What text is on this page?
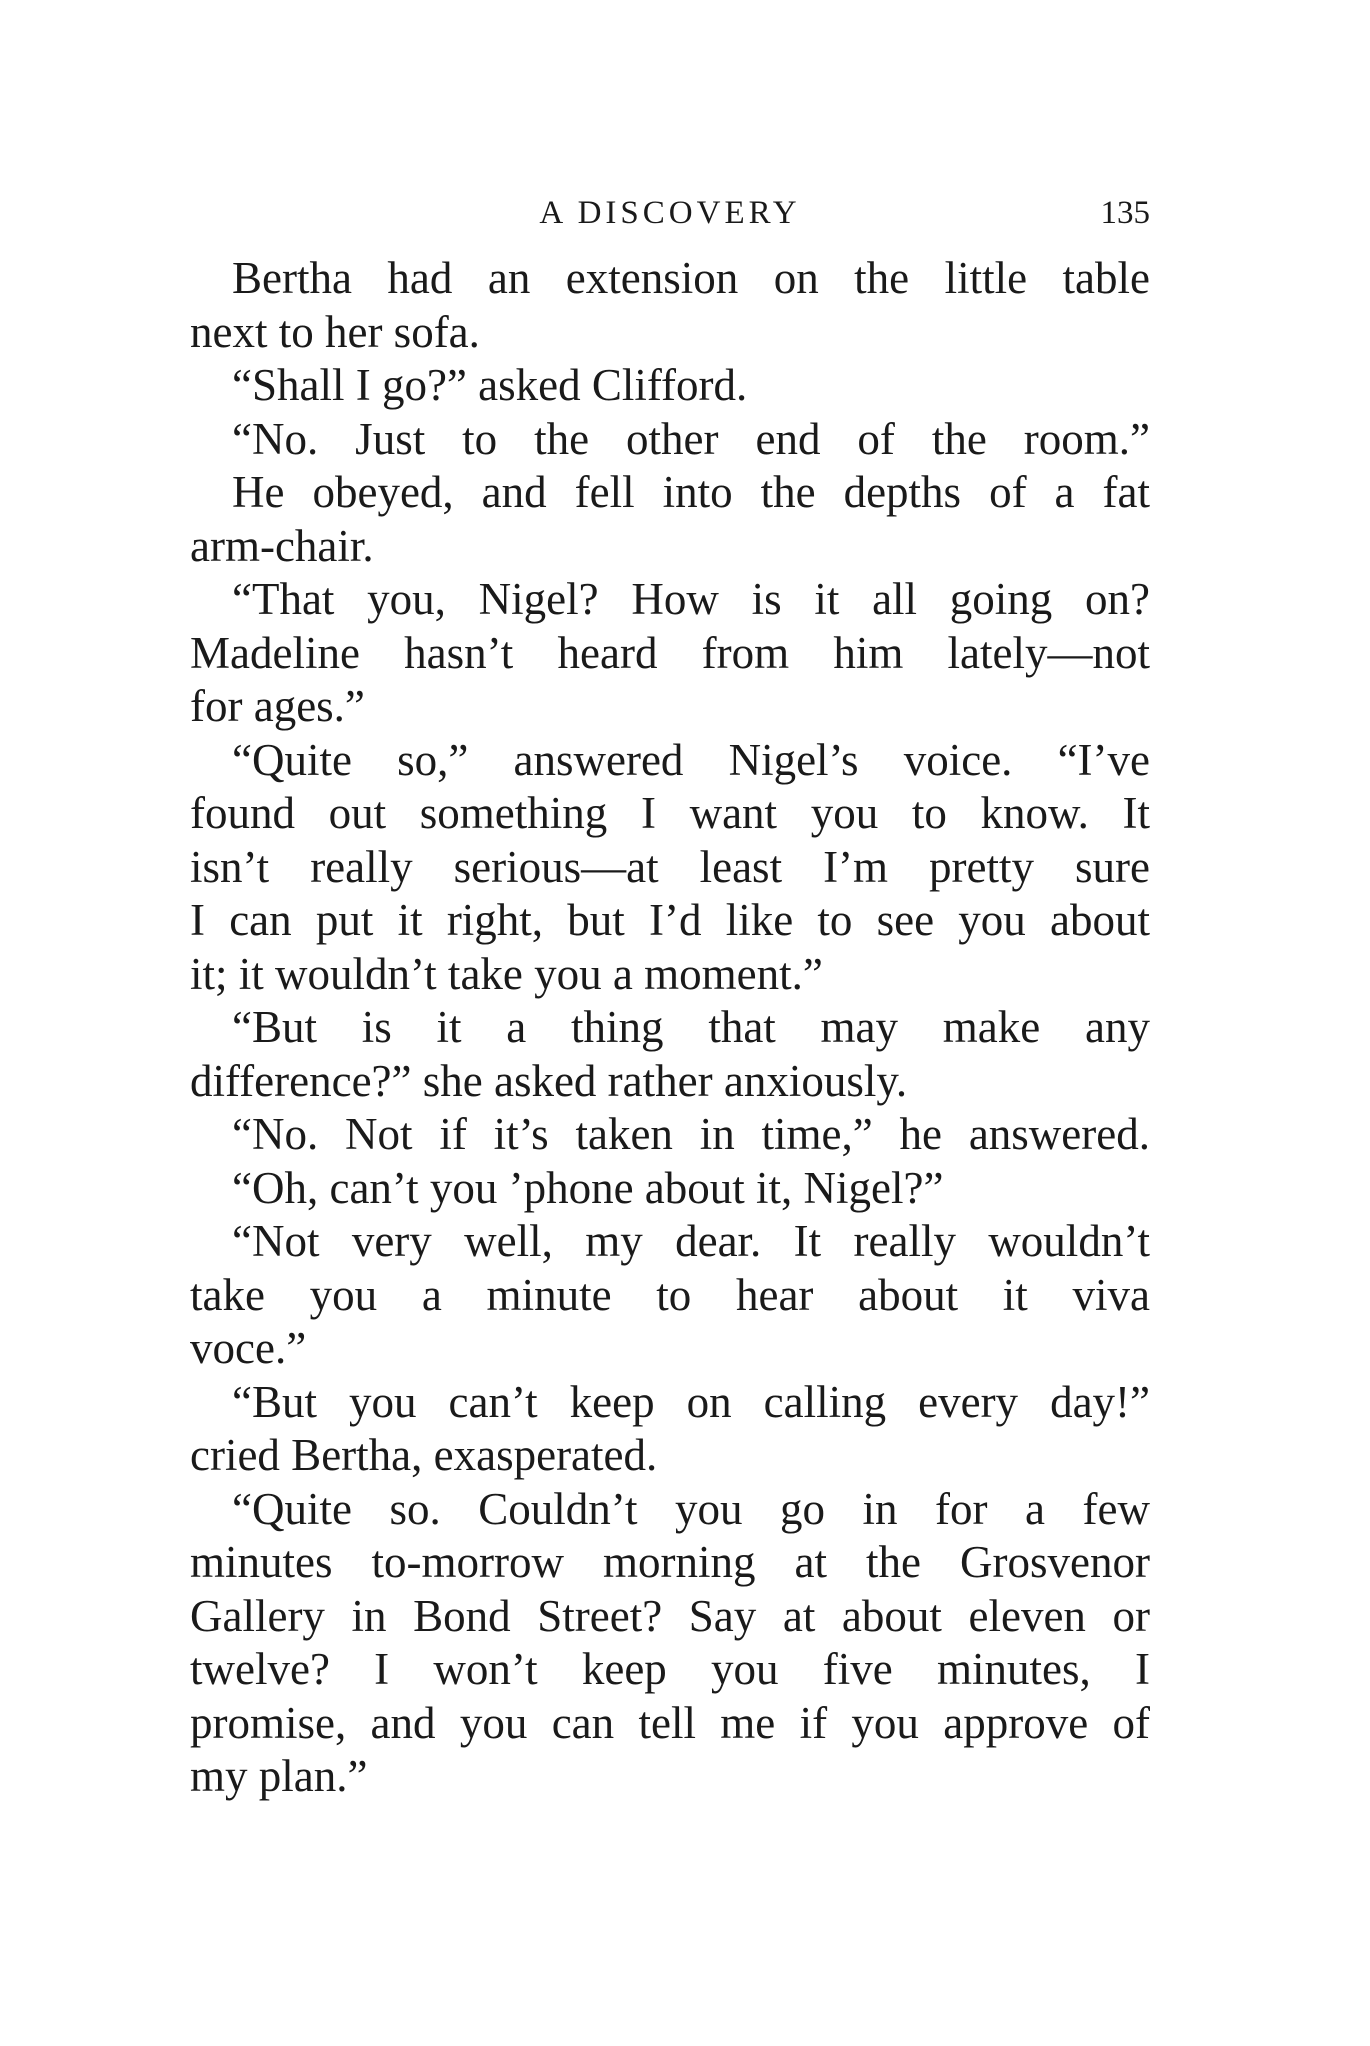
A DISCOVERY	135
Bertha had an extension on the little table
next to her sofa.
“Shall I go?” asked Clifford.
“No. Just to the other end of the room.”
He obeyed, and fell into the depths of a fat
arm-chair.
“That you, Nigel? How is it all going on?
Madeline hasn’t heard from him lately—not
for ages.”
“Quite so,” answered Nigel’s voice. “I’ve
found out something I want you to know. It
isn’t really serious—at least I’m pretty sure
I can put it right, but I’d like to see you about
it; it wouldn’t take you a moment.”
“But is it a thing that may make any
difference?” she asked rather anxiously.
“No. Not if it’s taken in time,” he answered.
“Oh, can’t you ’phone about it, Nigel?”
“Not very well, my dear. It really wouldn’t
take you a minute to hear about it viva
voce.”
“But you can’t keep on calling every day!”
cried Bertha, exasperated.
“Quite so. Couldn’t you go in for a few
minutes to-morrow morning at the Grosvenor
Gallery in Bond Street? Say at about eleven or
twelve? I won’t keep you five minutes, I
promise, and you can tell me if you approve of
my plan.”
